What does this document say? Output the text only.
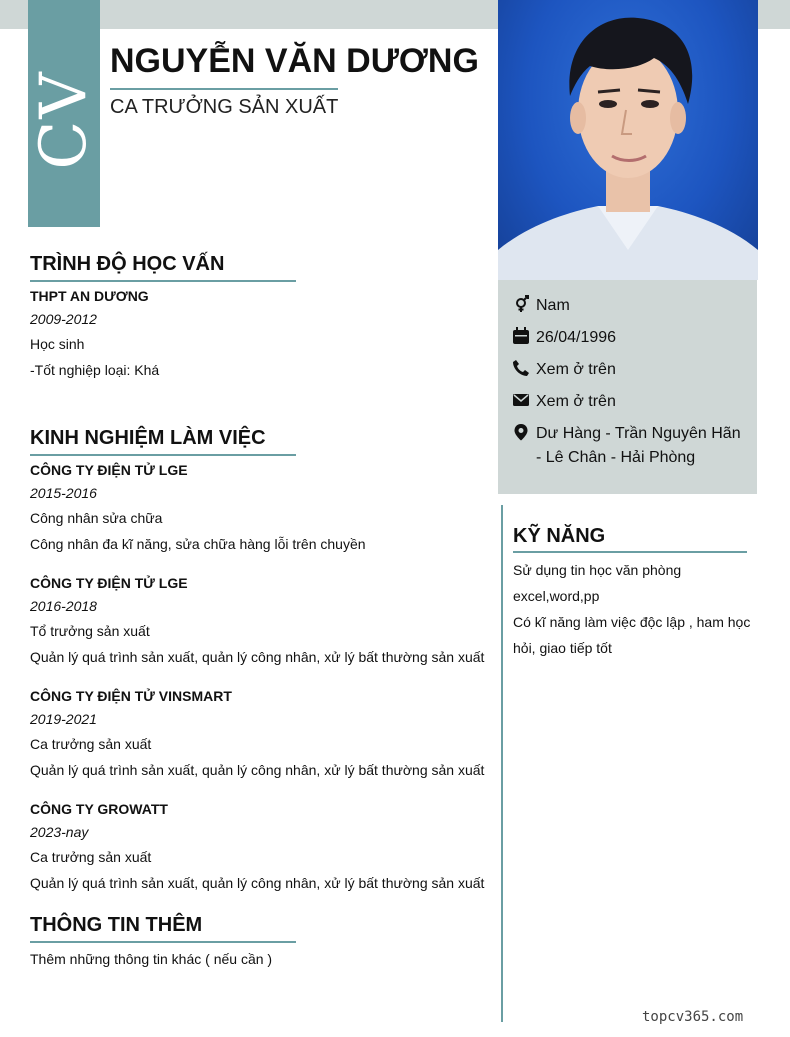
CV
NGUYỄN VĂN DƯƠNG
CA TRƯỞNG SẢN XUẤT
Nam
26/04/1996
Xem ở trên
Xem ở trên
Dư Hàng - Trần Nguyên Hãn - Lê Chân - Hải Phòng
TRÌNH ĐỘ HỌC VẤN
THPT AN DƯƠNG
2009-2012
Học sinh
-Tốt nghiệp loại: Khá
KINH NGHIỆM LÀM VIỆC
CÔNG TY ĐIỆN TỬ LGE
2015-2016
Công nhân sửa chữa
Công nhân đa kĩ năng, sửa chữa hàng lỗi trên chuyền
CÔNG TY ĐIỆN TỬ LGE
2016-2018
Tổ trưởng sản xuất
Quản lý quá trình sản xuất, quản lý công nhân, xử lý bất thường sản xuất
CÔNG TY ĐIỆN TỬ VINSMART
2019-2021
Ca trưởng sản xuất
Quản lý quá trình sản xuất, quản lý công nhân, xử lý bất thường sản xuất
CÔNG TY GROWATT
2023-nay
Ca trưởng sản xuất
Quản lý quá trình sản xuất, quản lý công nhân, xử lý bất thường sản xuất
THÔNG TIN THÊM
Thêm những thông tin khác ( nếu cần )
KỸ NĂNG
Sử dụng tin học văn phòng excel,word,pp
Có kĩ năng làm việc độc lập , ham học hỏi, giao tiếp tốt
topcv365.com
